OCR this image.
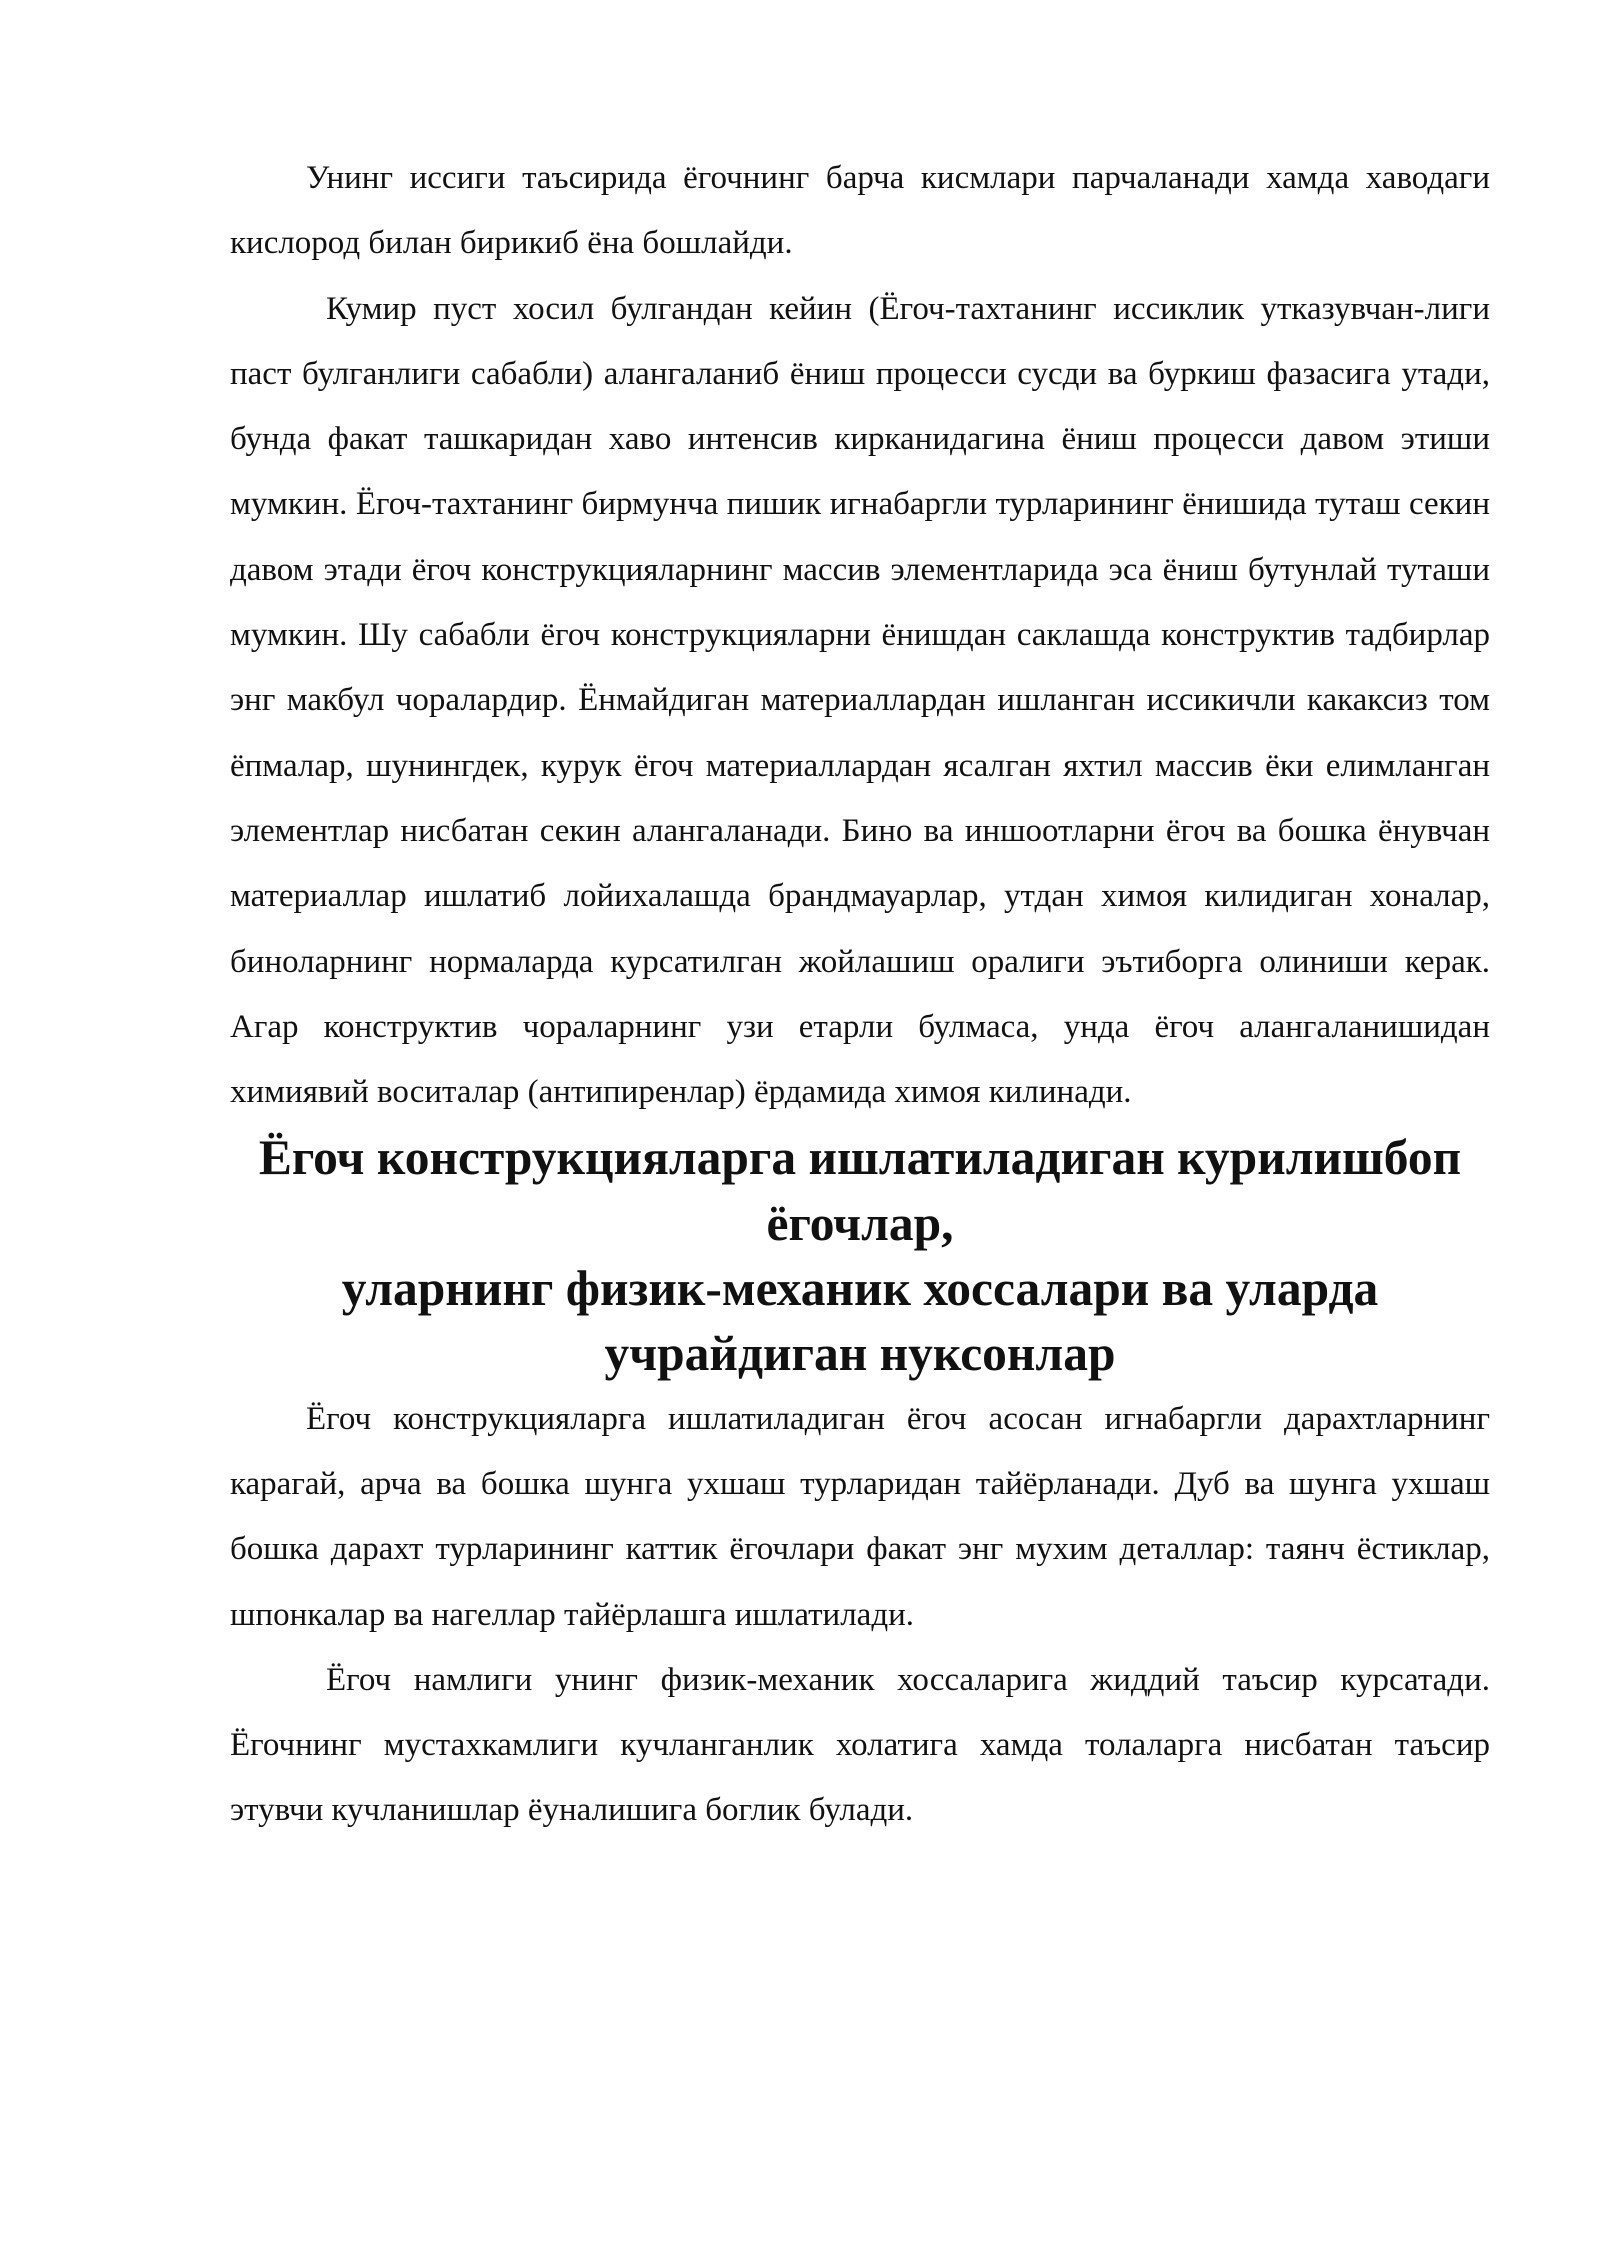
Унинг иссиги таъсирида ёгочнинг барча кисмлари парчаланади хамда хаводаги кислород билан бирикиб ёна бошлайди.

Кумир пуст хосил булгандан кейин (Ёгоч-тахтанинг иссиклик утказувчан-лиги паст булганлиги сабабли) алангаланиб ёниш процесси сусди ва буркиш фазасига утади, бунда факат ташкаридан хаво интенсив кирканидагина ёниш процесси давом этиши мумкин. Ёгоч-тахтанинг бирмунча пишик игнабаргли турларининг ёнишида туташ секин давом этади ёгоч конструкцияларнинг массив элементларида эса ёниш бутунлай туташи мумкин. Шу сабабли ёгоч конструкцияларни ёнишдан саклашда конструктив тадбирлар энг макбул чоралардир. Ёнмайдиган материаллардан ишланган иссикичли какаксиз том ёпмалар, шунингдек, курук ёгоч материаллардан ясалган яхтил массив ёки елимланган элементлар нисбатан секин алангаланади. Бино ва иншоотларни ёгоч ва бошка ёнувчан материаллар ишлатиб лойихалашда брандмауарлар, утдан химоя килидиган хоналар, биноларнинг нормаларда курсатилган жойлашиш оралиги эътиборга олиниши керак. Агар конструктив чораларнинг узи етарли булмаса, унда ёгоч алангаланишидан химиявий воситалар (антипиренлар) ёрдамида химоя килинади.

Ёгоч конструкцияларга ишлатиладиган курилишбоп ёгочлар,
уларнинг физик-механик хоссалари ва уларда учрайдиган нуксонлар

Ёгоч конструкцияларга ишлатиладиган ёгоч асосан игнабаргли дарахтларнинг карагай, арча ва бошка шунга ухшаш турларидан тайёрланади. Дуб ва шунга ухшаш бошка дарахт турларининг каттик ёгочлари факат энг мухим деталлар: таянч ёстиклар, шпонкалар ва нагеллар тайёрлашга ишлатилади.

Ёгоч намлиги унинг физик-механик хоссаларига жиддий таъсир курсатади. Ёгочнинг мустахкамлиги кучланганлик холатига хамда толаларга нисбатан таъсир этувчи кучланишлар ёуналишига боглик булади.
